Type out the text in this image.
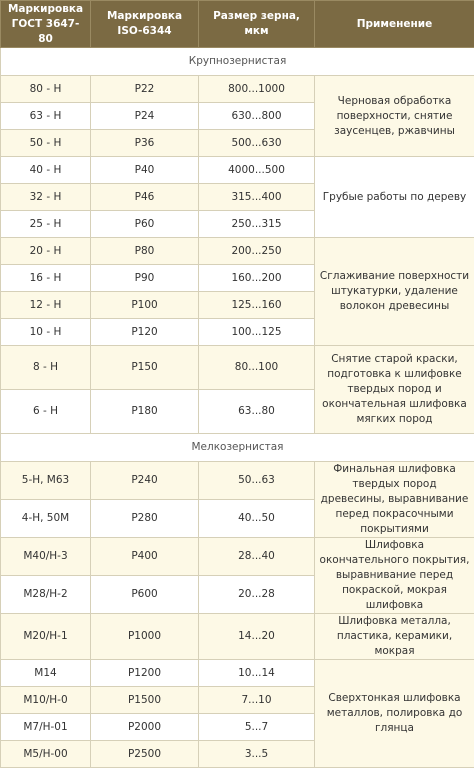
Маркировка ГОСТ 3647-80	Маркировка ISO-6344	Размер зерна, мкм	Применение
Крупнозернистая			
80 - Н	P22	800...1000	Черновая обработка поверхности, снятие заусенцев, ржавчины
63 - Н	P24	630...800	
50 - Н	P36	500...630	
40 - Н	P40	4000...500	Грубые работы по дереву
32 - Н	P46	315...400	
25 - Н	P60	250...315	
20 - Н	P80	200...250	Сглаживание поверхности штукатурки, удаление волокон древесины
16 - Н	P90	160...200	
12 - Н	P100	125...160	
10 - Н	P120	100...125	
8 - Н	P150	80...100	Снятие старой краски, подготовка к шлифовке твердых пород и окончательная шлифовка мягких пород
6 - Н	P180	63...80	
Мелкозернистая			
5-Н, М63	P240	50...63	Финальная шлифовка твердых пород древесины, выравнивание перед покрасочными покрытиями
4-Н, 50М	P280	40...50	
М40/Н-3	P400	28...40	Шлифовка окончательного покрытия, выравнивание перед покраской, мокрая шлифовка
М28/Н-2	P600	20...28	
М20/Н-1	P1000	14...20	Шлифовка металла, пластика, керамики, мокрая
М14	P1200	10...14	Сверхтонкая шлифовка металлов, полировка до глянца
М10/Н-0	P1500	7...10	
М7/Н-01	P2000	5...7	
М5/Н-00	P2500	3...5	
